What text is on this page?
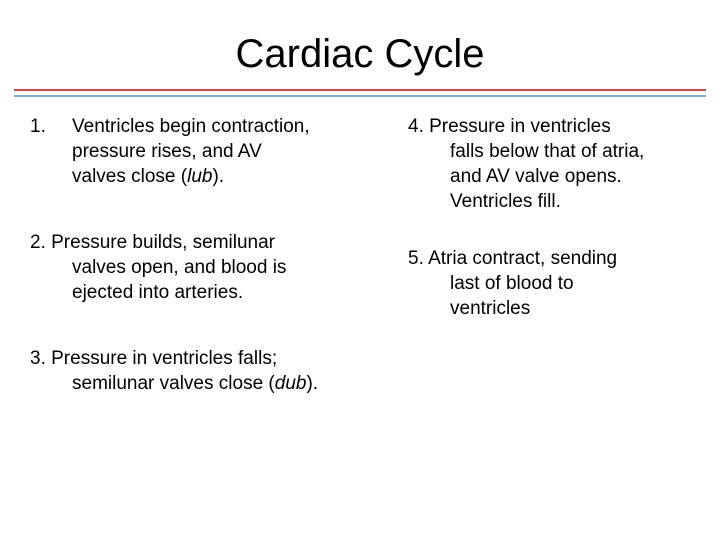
Cardiac Cycle
1. Ventricles begin contraction,
pressure rises, and AV
valves close (lub).
2. Pressure builds, semilunar
valves open, and blood is
ejected into arteries.
3. Pressure in ventricles falls;
semilunar valves close (dub).
4. Pressure in ventricles
falls below that of atria,
and AV valve opens.
Ventricles fill.
5. Atria contract, sending
last of blood to
ventricles
